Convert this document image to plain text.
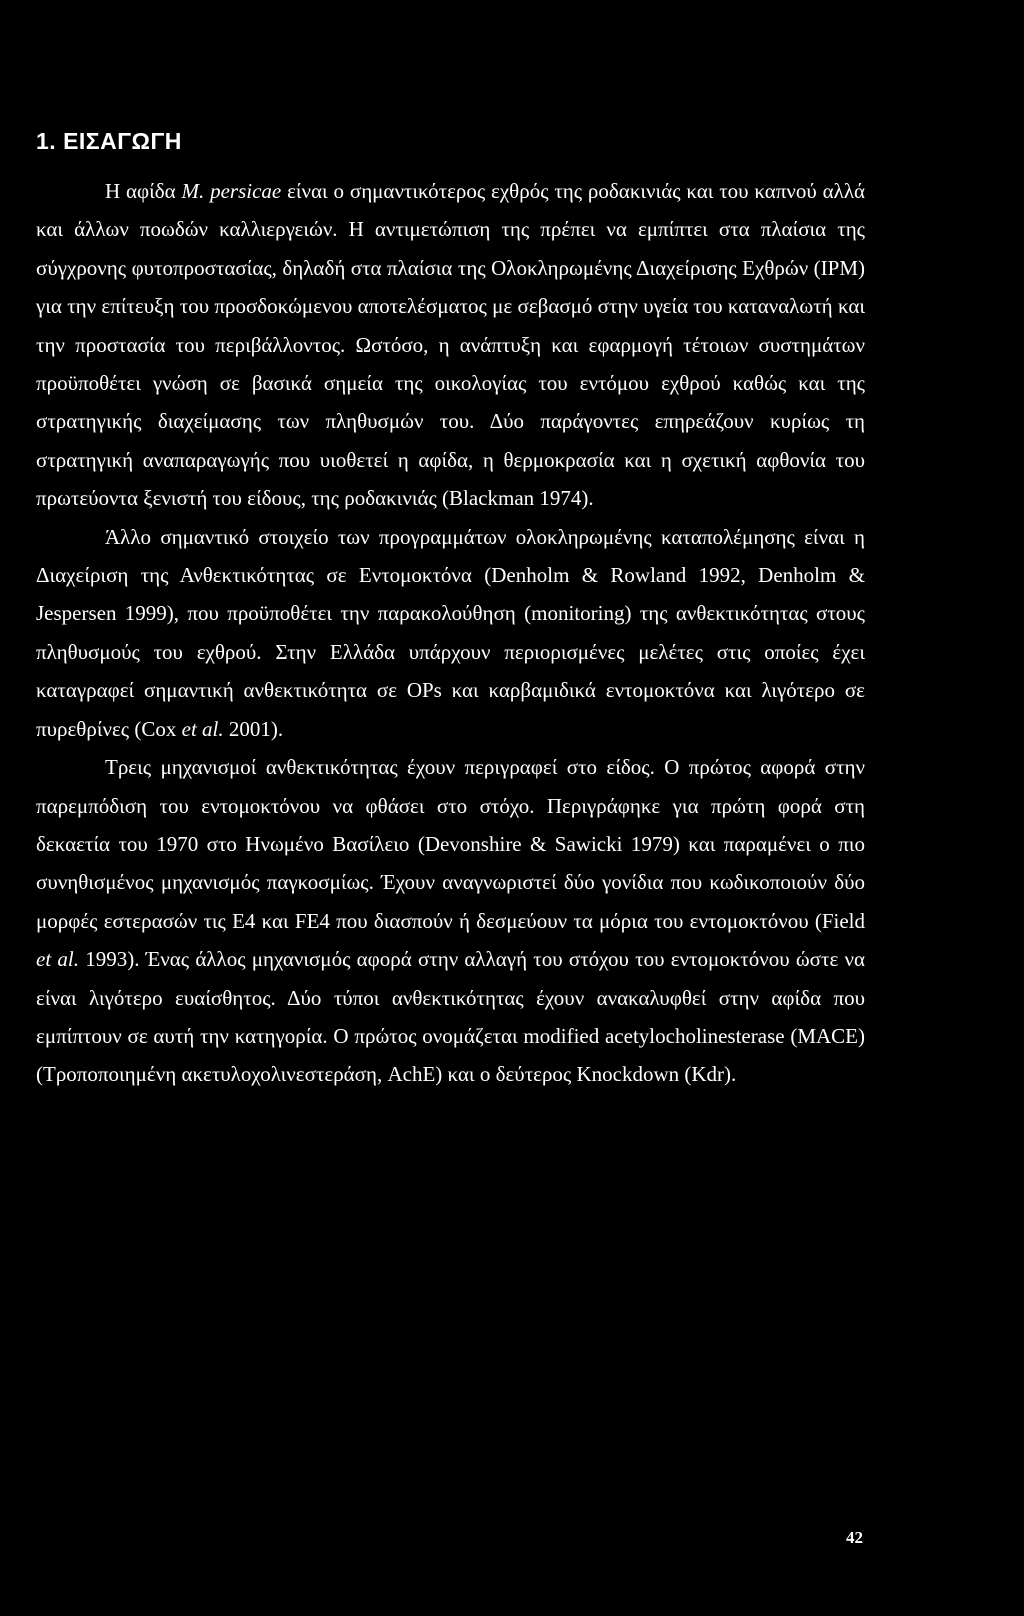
1. ΕΙΣΑΓΩΓΗ

Η αφίδα M. persicae είναι ο σημαντικότερος εχθρός της ροδακινιάς και του καπνού αλλά και άλλων ποωδών καλλιεργειών. Η αντιμετώπιση της πρέπει να εμπίπτει στα πλαίσια της σύγχρονης φυτοπροστασίας, δηλαδή στα πλαίσια της Ολοκληρωμένης Διαχείρισης Εχθρών (IPM) για την επίτευξη του προσδοκώμενου αποτελέσματος με σεβασμό στην υγεία του καταναλωτή και την προστασία του περιβάλλοντος. Ωστόσο, η ανάπτυξη και εφαρμογή τέτοιων συστημάτων προϋποθέτει γνώση σε βασικά σημεία της οικολογίας του εντόμου εχθρού καθώς και της στρατηγικής διαχείμασης των πληθυσμών του. Δύο παράγοντες επηρεάζουν κυρίως τη στρατηγική αναπαραγωγής που υιοθετεί η αφίδα, η θερμοκρασία και η σχετική αφθονία του πρωτεύοντα ξενιστή του είδους, της ροδακινιάς (Blackman 1974).

Άλλο σημαντικό στοιχείο των προγραμμάτων ολοκληρωμένης καταπολέμησης είναι η Διαχείριση της Ανθεκτικότητας σε Εντομοκτόνα (Denholm & Rowland 1992, Denholm & Jespersen 1999), που προϋποθέτει την παρακολούθηση (monitoring) της ανθεκτικότητας στους πληθυσμούς του εχθρού. Στην Ελλάδα υπάρχουν περιορισμένες μελέτες στις οποίες έχει καταγραφεί σημαντική ανθεκτικότητα σε OPs και καρβαμιδικά εντομοκτόνα και λιγότερο σε πυρεθρίνες (Cox et al. 2001).

Τρεις μηχανισμοί ανθεκτικότητας έχουν περιγραφεί στο είδος. Ο πρώτος αφορά στην παρεμπόδιση του εντομοκτόνου να φθάσει στο στόχο. Περιγράφηκε για πρώτη φορά στη δεκαετία του 1970 στο Ηνωμένο Βασίλειο (Devonshire & Sawicki 1979) και παραμένει ο πιο συνηθισμένος μηχανισμός παγκοσμίως. Έχουν αναγνωριστεί δύο γονίδια που κωδικοποιούν δύο μορφές εστερασών τις E4 και FE4 που διασπούν ή δεσμεύουν τα μόρια του εντομοκτόνου (Field et al. 1993). Ένας άλλος μηχανισμός αφορά στην αλλαγή του στόχου του εντομοκτόνου ώστε να είναι λιγότερο ευαίσθητος. Δύο τύποι ανθεκτικότητας έχουν ανακαλυφθεί στην αφίδα που εμπίπτουν σε αυτή την κατηγορία. Ο πρώτος ονομάζεται modified acetylocholinesterase (MACE) (Τροποποιημένη ακετυλοχολινεστεράση, AchE) και ο δεύτερος Knockdown (Kdr).

42
